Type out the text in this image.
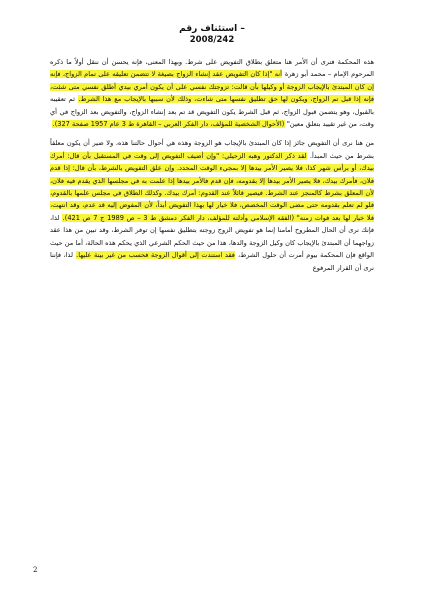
استئناف رقم –
2008/242

هذه المحكمة فترى أن الأمر هنا متعلق بطلاق التفويض على شرط. وبهذا المعنى، فإنه يحسن أن ننقل أولاً ما ذكره المرحوم الإمام – محمد أبو زهرة أنه "إذا كان التفويض عقد إنشاء الزواج بصيغة لا تتضمن تعليقه على تمام الزواج، فإنه إن كان المبتدئ بالإيجاب الزوجة أو وكيلها بأن قالت: تزوجتك نفسي على أن يكون أمري بيدي أطلق نفسي متى شئت، فإنه إذا قبل تم الزواج، ويكون لها حق تطليق نفسها متى شاءت، وذلك لأن سببها بالإيجاب مع هذا الشرط. ثم تعقيبه بالقبول، وهو يتضمن قبول الزواج، ثم قبل الشرط يكون التفويض قد تم بعد إنشاء الزواج، والتفويض بعد الزواج في أي وقت، من غير تقييد بتعلق معين" (الأحوال الشخصية للمؤلف، دار الفكر العربي – القاهرة ط 3 عام 1957 صفحة 327).

من هنا نرى أن التفويض جائز إذا كان المبتدئ بالإيجاب هو الزوجة وهذه هي أحوال حالتنا هذه، ولا ضير أن يكون معلقاً بشرط من حيث المبدأ. لقد ذكر الدكتور وهبه الزحيلي: "وإن أضيف التفويض إلى وقت في المستقبل بأن قال: أمرك بيدك، أو برأس شهر كذا، فلا يصير الأمر بيدها إلا بمجيء الوقت المحدد. وإن علق التفويض بالشرط، بأن قال: إذا قدم فلان، فأمرك بيدك، فلا يصير الأمر بيدها إلا بقدومه، فإن قدم فالأمر بيدها إذا علمت به في مجلسها الذي يقدم فيه فلان، لأن المعلق بشرط كالمنجز عند الشرط. فيصير قائلاً عند القدوم: أمرك بيدك. وكذلك الطلاق في مجلس علمها بالقدوم، فلو لم تعلم بقدومه حتى مضى الوقت المخصص، فلا خيار لها بهذا التفويض أبداً، لأن المفوض إليه قد عدم، وقد انتهت، فلا خيار لها بعد فوات زمنه" (الفقه الإسلامي وأدلته للمؤلف، دار الفكر دمشق ط 3 – ص 1989 ج 7 ص 421). لذا، فإنك نرى أن الحال المطروح أمامنا إنما هو تفويض الزوج زوجته بتطليق نفسها إن توفر الشرط، وقد تبين من هذا عقد زواجهما أن المبتدئ بالإيجاب كان وكيل الزوجة والدها، هذا من حيث الحكم الشرعي الذي يحكم هذه الحالة، أما من حيث الواقع فإن المحكمة بيوم أمرت أن حلول الشرط، فقد استندت إلى أقوال الزوجة فحسب من غير بينة عليها. لذا، فإننا نرى أن القرار المرفوع

2
